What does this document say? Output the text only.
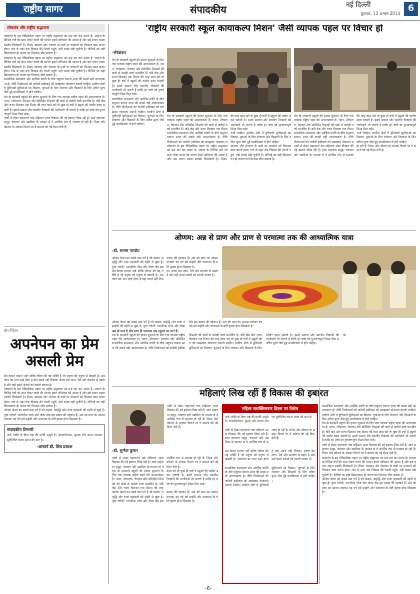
राष्ट्रीय सागर	संपादकीय	नई दिल्ली
बुधवार, 13 अगस्त 2014 6
लोकतंत्र और राष्ट्रीय सद्भावना
लोकतंत्र के इस ऐतिहासिक पड़ाव पर राष्ट्रीय सद्भावना का प्रश्न बार बार उठता है। समाज के विभिन्न वर्गों को साथ लेकर चलने की परंपरा हमारे संविधान की आत्मा है और इसे बनाए रखना सबकी जिम्मेदारी है। शिक्षा, स्वास्थ्य और रोजगार के प्रश्नों पर सरकारों को मिलकर काम करना होगा। गांव से शहर तक विकास की रोशनी पहुंचे, यही सबसे बड़ी चुनौती है। नीतियों का सही क्रियान्वयन ही जनता का विश्वास जीत सकता है।
लोकतंत्र के इस ऐतिहासिक पड़ाव पर राष्ट्रीय सद्भावना का प्रश्न बार बार उठता है। समाज के विभिन्न वर्गों को साथ लेकर चलने की परंपरा हमारे संविधान की आत्मा है और इसे बनाए रखना सबकी जिम्मेदारी है। शिक्षा, स्वास्थ्य और रोजगार के प्रश्नों पर सरकारों को मिलकर काम करना होगा। गांव से शहर तक विकास की रोशनी पहुंचे, यही सबसे बड़ी चुनौती है। नीतियों का सही क्रियान्वयन ही जनता का विश्वास जीत सकता है।
सामाजिक समरसता और आर्थिक प्रगति के बीच संतुलन बनाना आज की सबसे बड़ी आवश्यकता है। नीति निर्माताओं को जमीनी हकीकत को समझकर योजनाएं बनानी चाहिए। ग्रामीण क्षेत्रों में बुनियादी सुविधाओं का विस्तार, युवाओं के लिए रोजगार और किसानों के लिए उचित मूल्य जैसे मुद्दे प्राथमिकता में होने चाहिए।
देश के सरकारी स्कूलों की हालत सुधारने के लिए एक व्यापक राष्ट्रीय पहल की आवश्यकता है। भवन, शौचालय, पेयजल और प्रशिक्षित शिक्षकों की कमी से करोड़ों बच्चे प्रभावित हैं। यदि केंद्र और राज्य मिलकर एक मिशन की तरह काम करें तो कुछ ही वर्षों में स्कूलों की तस्वीर बदल सकती है। इसमें समाज और स्थानीय निकायों की भागीदारी भी जरूरी है ताकि हर बच्चे को गुणवत्तापूर्ण शिक्षा मिल सके।
गांवों से लेकर महानगरों तक महिलाएं आज विकास की नई इबारत लिख रही हैं। स्वयं सहायता समूह, पंचायत और उद्यमिता के माध्यम से वे आर्थिक रूप से सशक्त हो रही हैं। शिक्षा और कौशल के अवसर मिलने पर वे समाज को नई दिशा देती हैं।
प्रेम-चिंतन
अपनेपन का प्रेम असली प्रेम
प्रेम केवल भावना नहीं बल्कि जीवन की वह शक्ति है जो मनुष्य को मनुष्य से जोड़ती है। अपनेपन का भाव जहां होता है वहां स्वार्थ नहीं टिकता। सच्चा प्रेम त्याग, धैर्य और समर्पण से बढ़ता है और यही हमारे संबंधों को स्थायी बनाता है।
लोकतंत्र के इस ऐतिहासिक पड़ाव पर राष्ट्रीय सद्भावना का प्रश्न बार बार उठता है। समाज के विभिन्न वर्गों को साथ लेकर चलने की परंपरा हमारे संविधान की आत्मा है और इसे बनाए रखना सबकी जिम्मेदारी है। शिक्षा, स्वास्थ्य और रोजगार के प्रश्नों पर सरकारों को मिलकर काम करना होगा। गांव से शहर तक विकास की रोशनी पहुंचे, यही सबसे बड़ी चुनौती है। नीतियों का सही क्रियान्वयन ही जनता का विश्वास जीत सकता है।
ओणम केरल का सबसे बड़ा पर्व है जो फसल, समृद्धि और राजा महाबली की स्मृति से जुड़ा है। पुष्प रंगोली, पारंपरिक भोज और नौका दौड़ इस उत्सव की पहचान हैं। अन्न को प्राण का आधार मानकर यह पर्व हमें प्रकृति और परमात्मा के प्रति कृतज्ञ होना सिखाता है।
संपादकीय टिप्पणी
नारी शक्ति के बिना राष्ट्र की प्रगति अधूरी है। आत्मनिर्भरता, सुरक्षा और समान अवसर सुनिश्चित करना समय की मांग है।
-आचार्य डॉ. शिव प्रकाश
'राष्ट्रीय सरकारी स्कूल कायाकल्प मिशन' जैसी व्यापक पहल पर विचार हो
-रविशंकर
देश के सरकारी स्कूलों की हालत सुधारने के लिए एक व्यापक राष्ट्रीय पहल की आवश्यकता है। भवन, शौचालय, पेयजल और प्रशिक्षित शिक्षकों की कमी से करोड़ों बच्चे प्रभावित हैं। यदि केंद्र और राज्य मिलकर एक मिशन की तरह काम करें तो कुछ ही वर्षों में स्कूलों की तस्वीर बदल सकती है। इसमें समाज और स्थानीय निकायों की भागीदारी भी जरूरी है ताकि हर बच्चे को गुणवत्तापूर्ण शिक्षा मिल सके।
सामाजिक समरसता और आर्थिक प्रगति के बीच संतुलन बनाना आज की सबसे बड़ी आवश्यकता है। नीति निर्माताओं को जमीनी हकीकत को समझकर योजनाएं बनानी चाहिए। ग्रामीण क्षेत्रों में बुनियादी सुविधाओं का विस्तार, युवाओं के लिए रोजगार और किसानों के लिए उचित मूल्य जैसे मुद्दे प्राथमिकता में होने चाहिए।
देश के सरकारी स्कूलों की हालत सुधारने के लिए एक व्यापक राष्ट्रीय पहल की आवश्यकता है। भवन, शौचालय, पेयजल और प्रशिक्षित शिक्षकों की कमी से करोड़ों बच्चे प्रभावित हैं। यदि केंद्र और राज्य मिलकर एक मिशन की तरह काम करें तो कुछ ही वर्षों में स्कूलों की तस्वीर बदल सकती है। इसमें समाज और स्थानीय निकायों की भागीदारी भी जरूरी है ताकि हर बच्चे को गुणवत्तापूर्ण शिक्षा मिल सके।
सामाजिक समरसता और आर्थिक प्रगति के बीच संतुलन बनाना आज की सबसे बड़ी आवश्यकता है। नीति निर्माताओं को जमीनी हकीकत को समझकर योजनाएं बनानी चाहिए। ग्रामीण क्षेत्रों में बुनियादी सुविधाओं का विस्तार, युवाओं के लिए रोजगार और किसानों के लिए उचित मूल्य जैसे मुद्दे प्राथमिकता में होने चाहिए।
लोकतंत्र के इस ऐतिहासिक पड़ाव पर राष्ट्रीय सद्भावना का प्रश्न बार बार उठता है। समाज के विभिन्न वर्गों को साथ लेकर चलने की परंपरा हमारे संविधान की आत्मा है और इसे बनाए रखना सबकी जिम्मेदारी है। शिक्षा, स्वास्थ्य और रोजगार के प्रश्नों पर सरकारों को मिलकर काम करना होगा। गांव से शहर तक विकास की रोशनी पहुंचे, यही सबसे बड़ी चुनौती है। नीतियों का सही क्रियान्वयन ही जनता का विश्वास जीत सकता है।
देश के सरकारी स्कूलों की हालत सुधारने के लिए एक व्यापक राष्ट्रीय पहल की आवश्यकता है। भवन, शौचालय, पेयजल और प्रशिक्षित शिक्षकों की कमी से करोड़ों बच्चे प्रभावित हैं। यदि केंद्र और राज्य मिलकर एक मिशन की तरह काम करें तो कुछ ही वर्षों में स्कूलों की तस्वीर बदल सकती है। इसमें समाज और स्थानीय निकायों की भागीदारी भी जरूरी है ताकि हर बच्चे को गुणवत्तापूर्ण शिक्षा मिल सके।
सामाजिक समरसता और आर्थिक प्रगति के बीच संतुलन बनाना आज की सबसे बड़ी आवश्यकता है। नीति निर्माताओं को जमीनी हकीकत को समझकर योजनाएं बनानी चाहिए। ग्रामीण क्षेत्रों में बुनियादी सुविधाओं का विस्तार, युवाओं के लिए रोजगार और किसानों के लिए उचित मूल्य जैसे मुद्दे प्राथमिकता में होने चाहिए।
गांवों से लेकर महानगरों तक महिलाएं आज विकास की नई इबारत लिख रही हैं। स्वयं सहायता समूह, पंचायत और उद्यमिता के माध्यम से वे आर्थिक रूप से सशक्त हो रही हैं। शिक्षा और कौशल के अवसर मिलने पर वे समाज को नई दिशा देती हैं।
ओणम: अन्न से प्राण और प्राण से परमात्मा तक की आध्यात्मिक यात्रा
-डॉ. सत्यम पाण्डेय
ओणम केरल का सबसे बड़ा पर्व है जो फसल, समृद्धि और राजा महाबली की स्मृति से जुड़ा है। पुष्प रंगोली, पारंपरिक भोज और नौका दौड़ इस उत्सव की पहचान हैं। अन्न को प्राण का आधार मानकर यह पर्व हमें प्रकृति और परमात्मा के प्रति कृतज्ञ होना सिखाता है।
प्रेम केवल भावना नहीं बल्कि जीवन की वह शक्ति है जो मनुष्य को मनुष्य से जोड़ती है। अपनेपन का भाव जहां होता है वहां स्वार्थ नहीं टिकता। सच्चा प्रेम त्याग, धैर्य और समर्पण से बढ़ता है और यही हमारे संबंधों को स्थायी बनाता है।
ओणम केरल का सबसे बड़ा पर्व है जो फसल, समृद्धि और राजा महाबली की स्मृति से जुड़ा है। पुष्प रंगोली, पारंपरिक भोज और नौका दौड़ इस उत्सव की पहचान हैं। अन्न को प्राण का आधार मानकर यह पर्व हमें प्रकृति और परमात्मा के प्रति कृतज्ञ होना सिखाता है।
अन्न ही प्राण है और प्राण ही परमात्मा तक पहुंचने का मार्ग है।
देश के सरकारी स्कूलों की हालत सुधारने के लिए एक व्यापक राष्ट्रीय पहल की आवश्यकता है। भवन, शौचालय, पेयजल और प्रशिक्षित शिक्षकों की कमी से करोड़ों बच्चे प्रभावित हैं। यदि केंद्र और राज्य मिलकर एक मिशन की तरह काम करें तो कुछ ही वर्षों में स्कूलों की तस्वीर बदल सकती है। इसमें समाज और स्थानीय निकायों की भागीदारी भी जरूरी है ताकि हर बच्चे को गुणवत्तापूर्ण शिक्षा मिल सके।
सामाजिक समरसता और आर्थिक प्रगति के बीच संतुलन बनाना आज की सबसे बड़ी आवश्यकता है। नीति निर्माताओं को जमीनी हकीकत को समझकर योजनाएं बनानी चाहिए। ग्रामीण क्षेत्रों में बुनियादी सुविधाओं का विस्तार, युवाओं के लिए रोजगार और किसानों के लिए उचित मूल्य जैसे मुद्दे प्राथमिकता में होने चाहिए।
महिलाएं लिख रहीं हैं विकास की इबारत
-डॉ. सुनील कुमार
गांवों से लेकर महानगरों तक महिलाएं आज विकास की नई इबारत लिख रही हैं। स्वयं सहायता समूह, पंचायत और उद्यमिता के माध्यम से वे आर्थिक रूप से सशक्त हो रही हैं। शिक्षा और कौशल के अवसर मिलने पर वे समाज को नई दिशा देती हैं।
देश के सरकारी स्कूलों की हालत सुधारने के लिए एक व्यापक राष्ट्रीय पहल की आवश्यकता है। भवन, शौचालय, पेयजल और प्रशिक्षित शिक्षकों की कमी से करोड़ों बच्चे प्रभावित हैं। यदि केंद्र और राज्य मिलकर एक मिशन की तरह काम करें तो कुछ ही वर्षों में स्कूलों की तस्वीर बदल सकती है। इसमें समाज और स्थानीय निकायों की भागीदारी भी जरूरी है ताकि हर बच्चे को गुणवत्तापूर्ण शिक्षा मिल सके।
ओणम केरल का सबसे बड़ा पर्व है जो फसल, समृद्धि और राजा महाबली की स्मृति से जुड़ा है। पुष्प रंगोली, पारंपरिक भोज और नौका दौड़ इस उत्सव की पहचान हैं। अन्न को प्राण का आधार मानकर यह पर्व हमें प्रकृति और परमात्मा के प्रति कृतज्ञ होना सिखाता है।
गांवों से लेकर महानगरों तक महिलाएं आज विकास की नई इबारत लिख रही हैं। स्वयं सहायता समूह, पंचायत और उद्यमिता के माध्यम से वे आर्थिक रूप से सशक्त हो रही हैं। शिक्षा और कौशल के अवसर मिलने पर वे समाज को नई दिशा देती हैं।
महिला सशक्तिकरण दिवस पर विशेष
नारी शक्ति के बिना राष्ट्र की प्रगति अधूरी है। आत्मनिर्भरता, सुरक्षा और समान अवसर सुनिश्चित करना समय की मांग है।
गांवों से लेकर महानगरों तक महिलाएं आज विकास की नई इबारत लिख रही हैं। स्वयं सहायता समूह, पंचायत और उद्यमिता के माध्यम से वे आर्थिक रूप से सशक्त हो रही हैं। शिक्षा और कौशल के अवसर मिलने पर वे समाज को नई दिशा देती हैं।
प्रेम केवल भावना नहीं बल्कि जीवन की वह शक्ति है जो मनुष्य को मनुष्य से जोड़ती है। अपनेपन का भाव जहां होता है वहां स्वार्थ नहीं टिकता। सच्चा प्रेम त्याग, धैर्य और समर्पण से बढ़ता है और यही हमारे संबंधों को स्थायी बनाता है।
सामाजिक समरसता और आर्थिक प्रगति के बीच संतुलन बनाना आज की सबसे बड़ी आवश्यकता है। नीति निर्माताओं को जमीनी हकीकत को समझकर योजनाएं बनानी चाहिए। ग्रामीण क्षेत्रों में बुनियादी सुविधाओं का विस्तार, युवाओं के लिए रोजगार और किसानों के लिए उचित मूल्य जैसे मुद्दे प्राथमिकता में होने चाहिए।
सामाजिक समरसता और आर्थिक प्रगति के बीच संतुलन बनाना आज की सबसे बड़ी आवश्यकता है। नीति निर्माताओं को जमीनी हकीकत को समझकर योजनाएं बनानी चाहिए। ग्रामीण क्षेत्रों में बुनियादी सुविधाओं का विस्तार, युवाओं के लिए रोजगार और किसानों के लिए उचित मूल्य जैसे मुद्दे प्राथमिकता में होने चाहिए।
देश के सरकारी स्कूलों की हालत सुधारने के लिए एक व्यापक राष्ट्रीय पहल की आवश्यकता है। भवन, शौचालय, पेयजल और प्रशिक्षित शिक्षकों की कमी से करोड़ों बच्चे प्रभावित हैं। यदि केंद्र और राज्य मिलकर एक मिशन की तरह काम करें तो कुछ ही वर्षों में स्कूलों की तस्वीर बदल सकती है। इसमें समाज और स्थानीय निकायों की भागीदारी भी जरूरी है ताकि हर बच्चे को गुणवत्तापूर्ण शिक्षा मिल सके।
गांवों से लेकर महानगरों तक महिलाएं आज विकास की नई इबारत लिख रही हैं। स्वयं सहायता समूह, पंचायत और उद्यमिता के माध्यम से वे आर्थिक रूप से सशक्त हो रही हैं। शिक्षा और कौशल के अवसर मिलने पर वे समाज को नई दिशा देती हैं।
लोकतंत्र के इस ऐतिहासिक पड़ाव पर राष्ट्रीय सद्भावना का प्रश्न बार बार उठता है। समाज के विभिन्न वर्गों को साथ लेकर चलने की परंपरा हमारे संविधान की आत्मा है और इसे बनाए रखना सबकी जिम्मेदारी है। शिक्षा, स्वास्थ्य और रोजगार के प्रश्नों पर सरकारों को मिलकर काम करना होगा। गांव से शहर तक विकास की रोशनी पहुंचे, यही सबसे बड़ी चुनौती है। नीतियों का सही क्रियान्वयन ही जनता का विश्वास जीत सकता है।
ओणम केरल का सबसे बड़ा पर्व है जो फसल, समृद्धि और राजा महाबली की स्मृति से जुड़ा है। पुष्प रंगोली, पारंपरिक भोज और नौका दौड़ इस उत्सव की पहचान हैं। अन्न को प्राण का आधार मानकर यह पर्व हमें प्रकृति और परमात्मा के प्रति कृतज्ञ होना सिखाता है।
-6-
